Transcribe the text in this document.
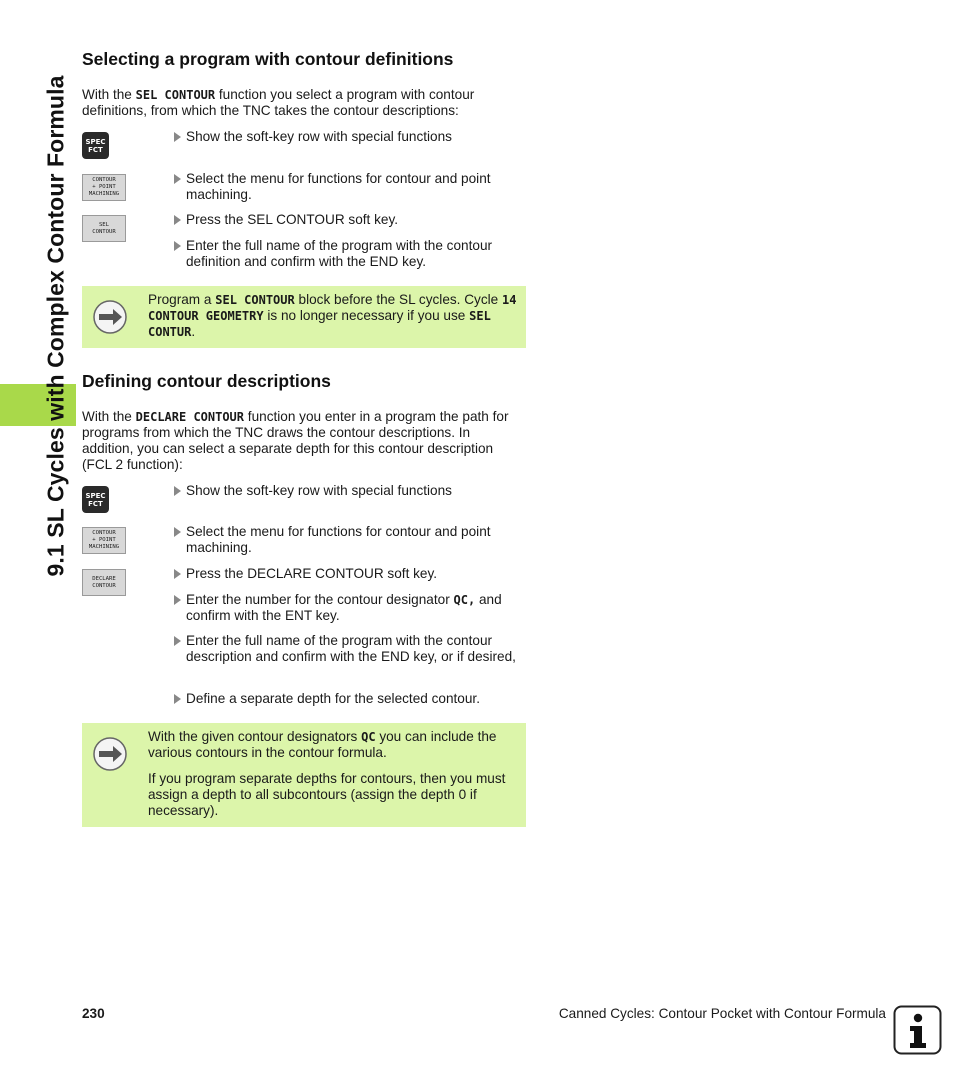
9.1 SL Cycles with Complex Contour Formula
Selecting a program with contour definitions

With the SEL CONTOUR function you select a program with contour definitions, from which the TNC takes the contour descriptions:

SPEC
FCT
Show the soft-key row with special functions
CONTOUR
+ POINT
MACHINING
Select the menu for functions for contour and point machining.
SEL
CONTOUR
Press the SEL CONTOUR soft key.
Enter the full name of the program with the contour definition and confirm with the END key.
Program a SEL CONTOUR block before the SL cycles. Cycle 14 CONTOUR GEOMETRY is no longer necessary if you use SEL CONTUR.
Defining contour descriptions

With the DECLARE CONTOUR function you enter in a program the path for programs from which the TNC draws the contour descriptions. In addition, you can select a separate depth for this contour description (FCL 2 function):

SPEC
FCT
Show the soft-key row with special functions
CONTOUR
+ POINT
MACHINING
Select the menu for functions for contour and point machining.
DECLARE
CONTOUR
Press the DECLARE CONTOUR soft key.
Enter the number for the contour designator QC, and confirm with the ENT key.
Enter the full name of the program with the contour description and confirm with the END key, or if desired,
Define a separate depth for the selected contour.

With the given contour designators QC you can include the various contours in the contour formula.

If you program separate depths for contours, then you must assign a depth to all subcontours (assign the depth 0 if necessary).

230	Canned Cycles: Contour Pocket with Contour Formula
